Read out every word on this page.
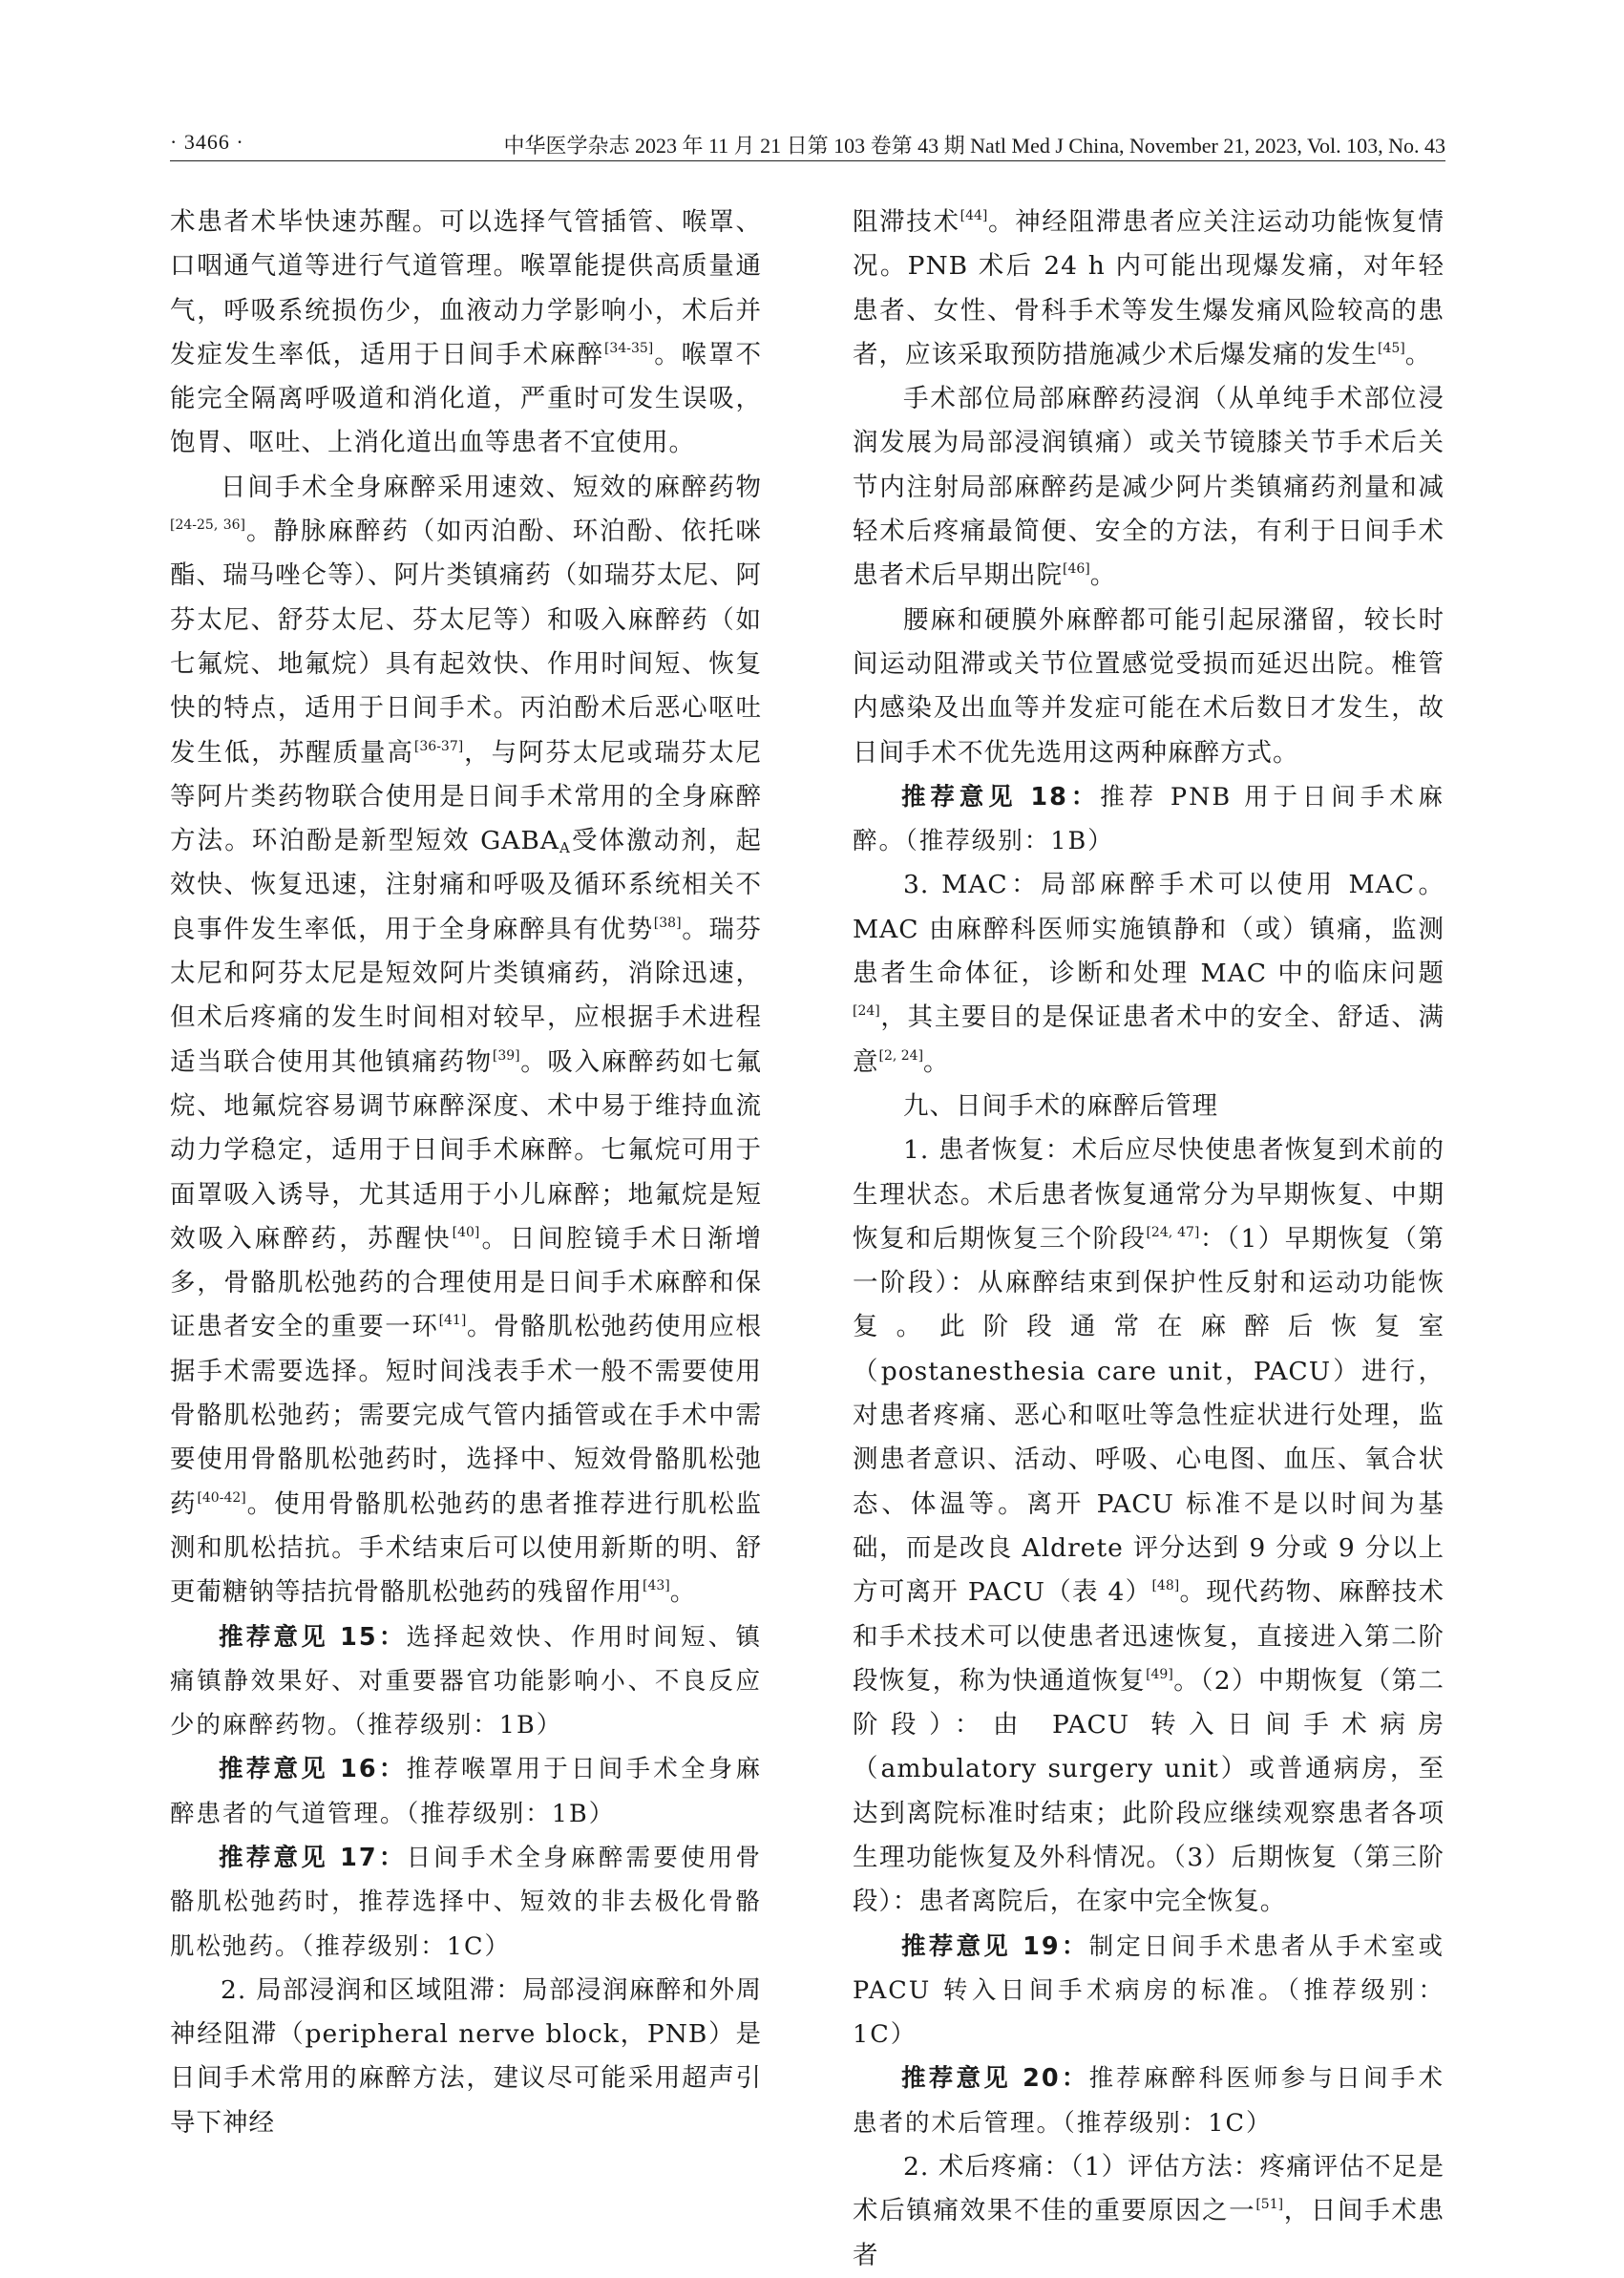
· 3466 ·	中华医学杂志 2023 年 11 月 21 日第 103 卷第 43 期 Natl Med J China, November 21, 2023, Vol. 103, No. 43

术患者术毕快速苏醒。可以选择气管插管、喉罩、口咽通气道等进行气道管理。喉罩能提供高质量通气，呼吸系统损伤少，血液动力学影响小，术后并发症发生率低，适用于日间手术麻醉[34-35]。喉罩不能完全隔离呼吸道和消化道，严重时可发生误吸，饱胃、呕吐、上消化道出血等患者不宜使用。

日间手术全身麻醉采用速效、短效的麻醉药物[24-25, 36]。静脉麻醉药（如丙泊酚、环泊酚、依托咪酯、瑞马唑仑等）、阿片类镇痛药（如瑞芬太尼、阿芬太尼、舒芬太尼、芬太尼等）和吸入麻醉药（如七氟烷、地氟烷）具有起效快、作用时间短、恢复快的特点，适用于日间手术。丙泊酚术后恶心呕吐发生低，苏醒质量高[36-37]，与阿芬太尼或瑞芬太尼等阿片类药物联合使用是日间手术常用的全身麻醉方法。环泊酚是新型短效 $GABA_A$受体激动剂，起效快、恢复迅速，注射痛和呼吸及循环系统相关不良事件发生率低，用于全身麻醉具有优势[38]。瑞芬太尼和阿芬太尼是短效阿片类镇痛药，消除迅速，但术后疼痛的发生时间相对较早，应根据手术进程适当联合使用其他镇痛药物[39]。吸入麻醉药如七氟烷、地氟烷容易调节麻醉深度、术中易于维持血流动力学稳定，适用于日间手术麻醉。七氟烷可用于面罩吸入诱导，尤其适用于小儿麻醉；地氟烷是短效吸入麻醉药，苏醒快[40]。日间腔镜手术日渐增多，骨骼肌松弛药的合理使用是日间手术麻醉和保证患者安全的重要一环[41]。骨骼肌松弛药使用应根据手术需要选择。短时间浅表手术一般不需要使用骨骼肌松弛药；需要完成气管内插管或在手术中需要使用骨骼肌松弛药时，选择中、短效骨骼肌松弛药[40-42]。使用骨骼肌松弛药的患者推荐进行肌松监测和肌松拮抗。手术结束后可以使用新斯的明、舒更葡糖钠等拮抗骨骼肌松弛药的残留作用[43]。

推荐意见 15：选择起效快、作用时间短、镇痛镇静效果好、对重要器官功能影响小、不良反应少的麻醉药物。（推荐级别：1B）

推荐意见 16：推荐喉罩用于日间手术全身麻醉患者的气道管理。（推荐级别：1B）

推荐意见 17：日间手术全身麻醉需要使用骨骼肌松弛药时，推荐选择中、短效的非去极化骨骼肌松弛药。（推荐级别：1C）

2. 局部浸润和区域阻滞：局部浸润麻醉和外周神经阻滞（peripheral nerve block，PNB）是日间手术常用的麻醉方法，建议尽可能采用超声引导下神经

阻滞技术[44]。神经阻滞患者应关注运动功能恢复情况。PNB 术后 24 h 内可能出现爆发痛，对年轻患者、女性、骨科手术等发生爆发痛风险较高的患者，应该采取预防措施减少术后爆发痛的发生[45]。

手术部位局部麻醉药浸润（从单纯手术部位浸润发展为局部浸润镇痛）或关节镜膝关节手术后关节内注射局部麻醉药是减少阿片类镇痛药剂量和减轻术后疼痛最简便、安全的方法，有利于日间手术患者术后早期出院[46]。

腰麻和硬膜外麻醉都可能引起尿潴留，较长时间运动阻滞或关节位置感觉受损而延迟出院。椎管内感染及出血等并发症可能在术后数日才发生，故日间手术不优先选用这两种麻醉方式。

推荐意见 18：推荐 PNB 用于日间手术麻醉。（推荐级别：1B）

3. MAC：局部麻醉手术可以使用 MAC。MAC 由麻醉科医师实施镇静和（或）镇痛，监测患者生命体征，诊断和处理 MAC 中的临床问题[24]，其主要目的是保证患者术中的安全、舒适、满意[2, 24]。

九、日间手术的麻醉后管理

1. 患者恢复：术后应尽快使患者恢复到术前的生理状态。术后患者恢复通常分为早期恢复、中期恢复和后期恢复三个阶段[24, 47]：（1）早期恢复（第一阶段）：从麻醉结束到保护性反射和运动功能恢复。此阶段通常在麻醉后恢复室（postanesthesia care unit，PACU）进行，对患者疼痛、恶心和呕吐等急性症状进行处理，监测患者意识、活动、呼吸、心电图、血压、氧合状态、体温等。离开 PACU 标准不是以时间为基础，而是改良 Aldrete 评分达到 9 分或 9 分以上方可离开 PACU（表 4）[48]。现代药物、麻醉技术和手术技术可以使患者迅速恢复，直接进入第二阶段恢复，称为快通道恢复[49]。（2）中期恢复（第二阶段）：由 PACU 转入日间手术病房（ambulatory surgery unit）或普通病房，至达到离院标准时结束；此阶段应继续观察患者各项生理功能恢复及外科情况。（3）后期恢复（第三阶段）：患者离院后，在家中完全恢复。

推荐意见 19：制定日间手术患者从手术室或 PACU 转入日间手术病房的标准。（推荐级别：1C）

推荐意见 20：推荐麻醉科医师参与日间手术患者的术后管理。（推荐级别：1C）

2. 术后疼痛：（1）评估方法：疼痛评估不足是术后镇痛效果不佳的重要原因之一[51]，日间手术患者
